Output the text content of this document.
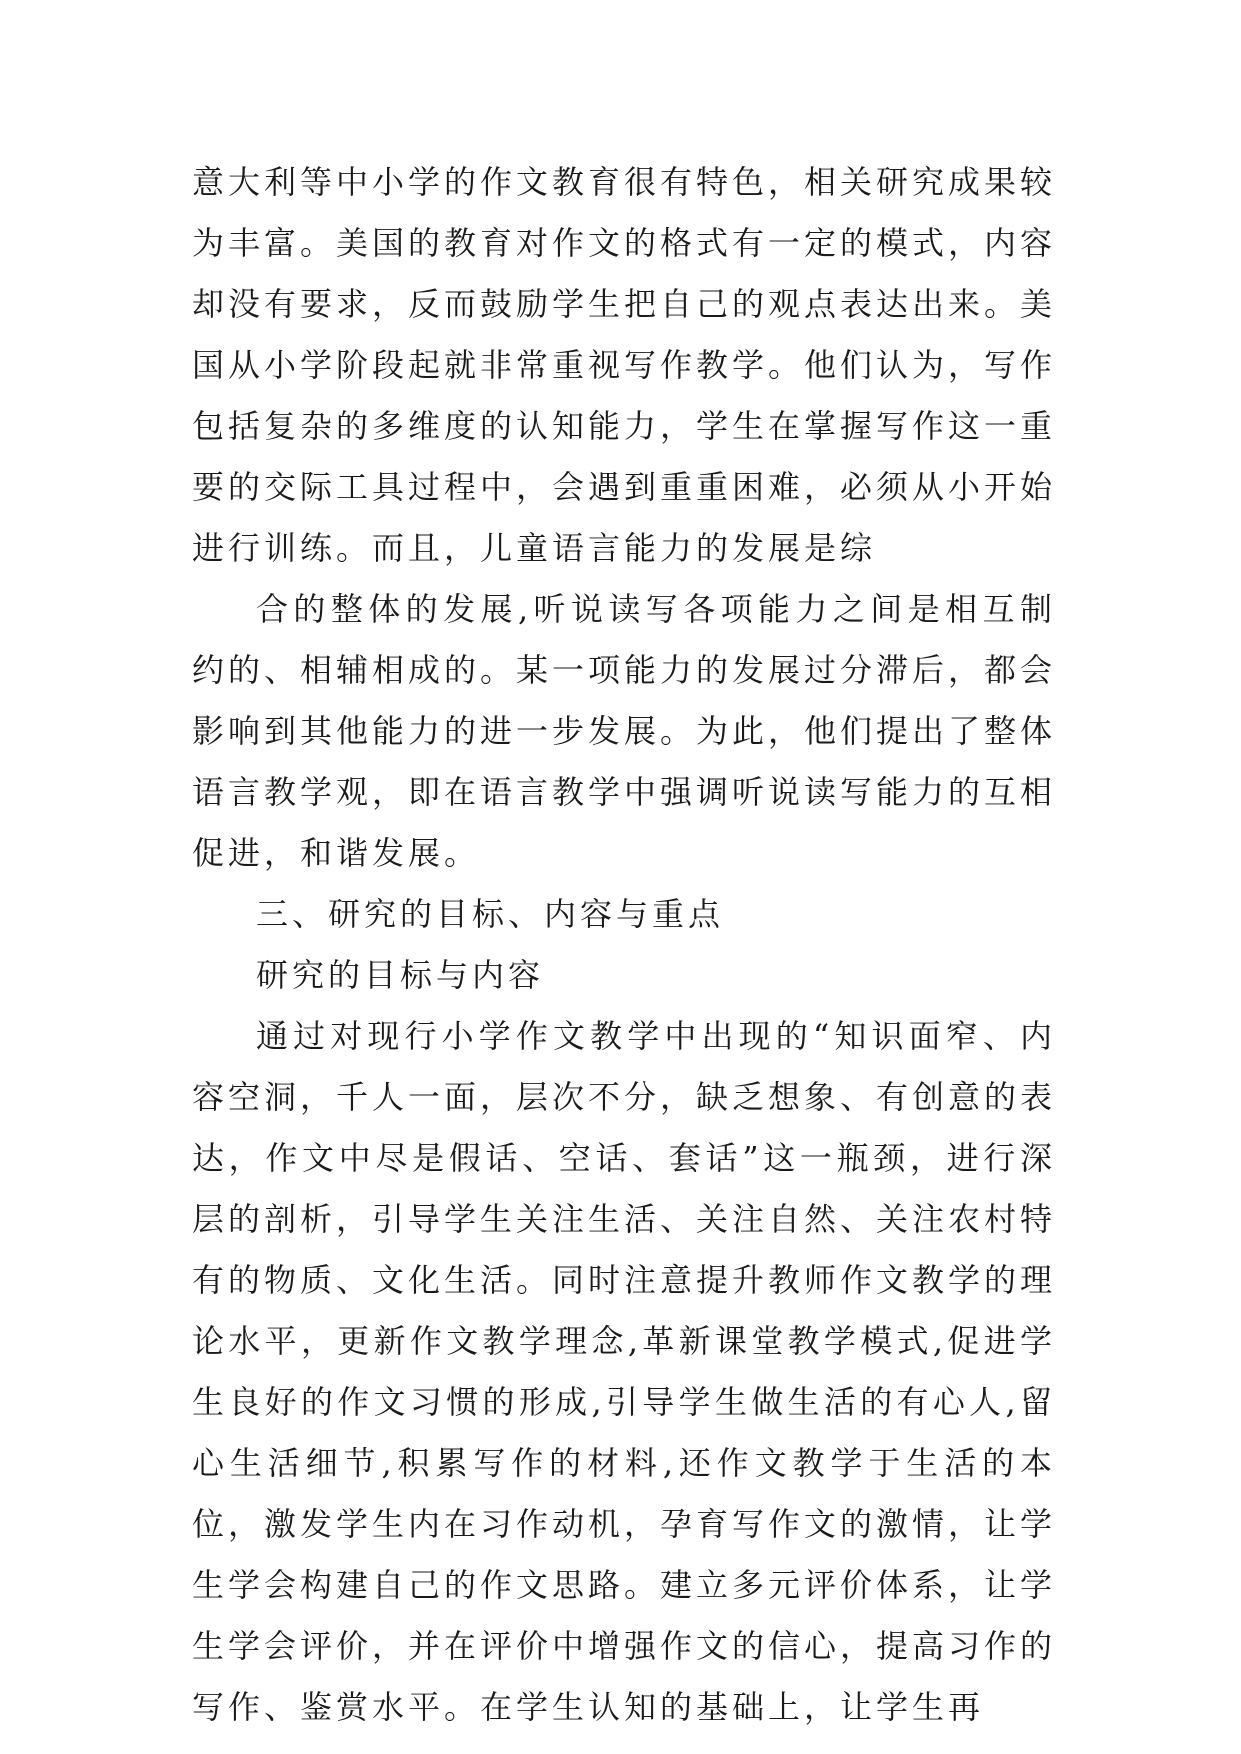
意大利等中小学的作文教育很有特色，相关研究成果较为丰富。美国的教育对作文的格式有一定的模式，内容却没有要求，反而鼓励学生把自己的观点表达出来。美国从小学阶段起就非常重视写作教学。他们认为，写作包括复杂的多维度的认知能力，学生在掌握写作这一重要的交际工具过程中，会遇到重重困难，必须从小开始进行训练。而且，儿童语言能力的发展是综

合的整体的发展,听说读写各项能力之间是相互制约的、相辅相成的。某一项能力的发展过分滞后，都会影响到其他能力的进一步发展。为此，他们提出了整体语言教学观，即在语言教学中强调听说读写能力的互相促进，和谐发展。

三、研究的目标、内容与重点

研究的目标与内容

通过对现行小学作文教学中出现的“知识面窄、内容空洞，千人一面，层次不分，缺乏想象、有创意的表达，作文中尽是假话、空话、套话”这一瓶颈，进行深层的剖析，引导学生关注生活、关注自然、关注农村特有的物质、文化生活。同时注意提升教师作文教学的理论水平，更新作文教学理念,革新课堂教学模式,促进学生良好的作文习惯的形成,引导学生做生活的有心人,留心生活细节,积累写作的材料,还作文教学于生活的本位，激发学生内在习作动机，孕育写作文的激情，让学生学会构建自己的作文思路。建立多元评价体系，让学生学会评价，并在评价中增强作文的信心，提高习作的写作、鉴赏水平。在学生认知的基础上，让学生再
